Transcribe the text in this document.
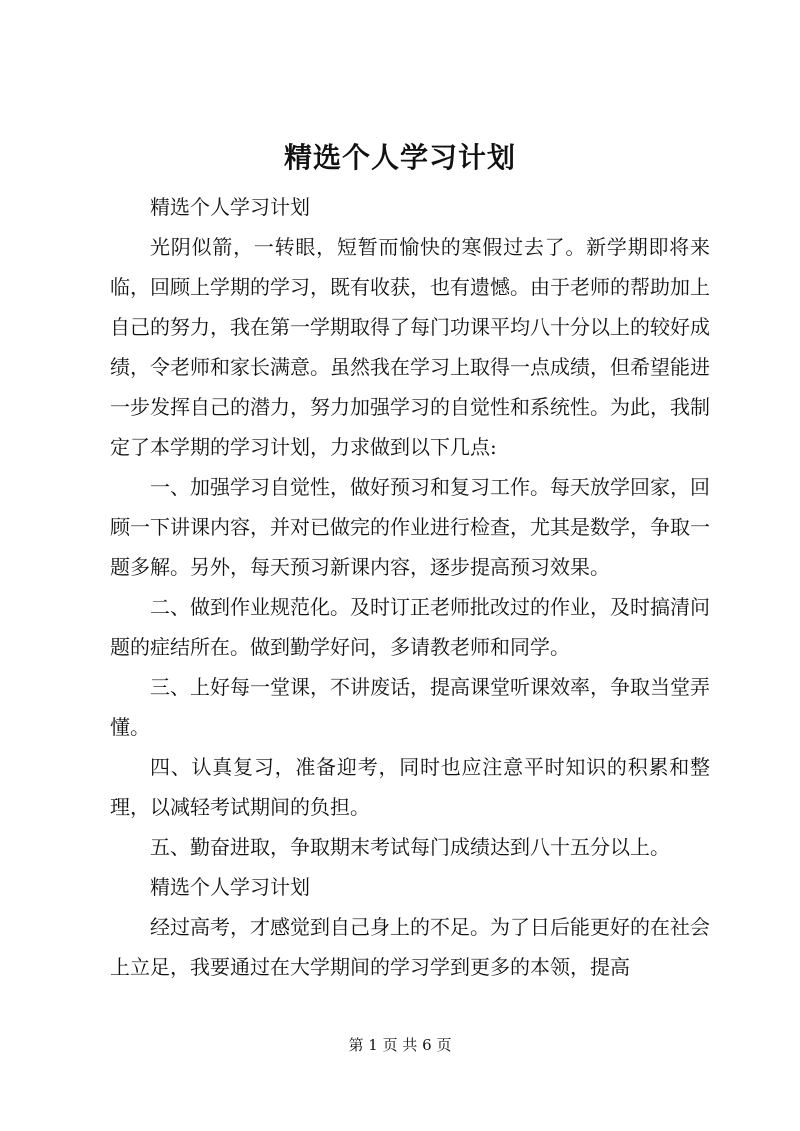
精选个人学习计划

精选个人学习计划

光阴似箭，一转眼，短暂而愉快的寒假过去了。新学期即将来临，回顾上学期的学习，既有收获，也有遗憾。由于老师的帮助加上自己的努力，我在第一学期取得了每门功课平均八十分以上的较好成绩，令老师和家长满意。虽然我在学习上取得一点成绩，但希望能进一步发挥自己的潜力，努力加强学习的自觉性和系统性。为此，我制定了本学期的学习计划，力求做到以下几点:

一、加强学习自觉性，做好预习和复习工作。每天放学回家，回顾一下讲课内容，并对已做完的作业进行检查，尤其是数学，争取一题多解。另外，每天预习新课内容，逐步提高预习效果。

二、做到作业规范化。及时订正老师批改过的作业，及时搞清问题的症结所在。做到勤学好问，多请教老师和同学。

三、上好每一堂课，不讲废话，提高课堂听课效率，争取当堂弄懂。

四、认真复习，准备迎考，同时也应注意平时知识的积累和整理，以减轻考试期间的负担。

五、勤奋进取，争取期末考试每门成绩达到八十五分以上。

精选个人学习计划

经过高考，才感觉到自己身上的不足。为了日后能更好的在社会上立足，我要通过在大学期间的学习学到更多的本领，提高

第 1 页 共 6 页
